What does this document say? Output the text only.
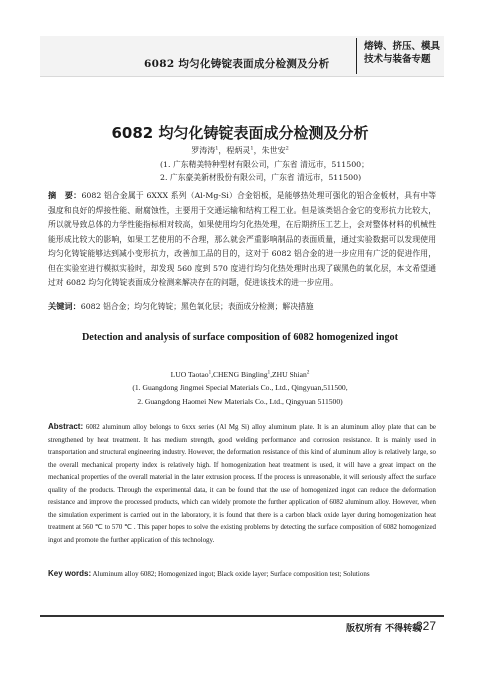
6082 均匀化铸锭表面成分检测及分析
熔铸、挤压、模具
技术与装备专题
6082 均匀化铸锭表面成分检测及分析
罗涛涛$^1$，程炳灵$^1$，朱世安$^2$
(1. 广东精美特种型材有限公司，广东省 清远市，511500；
2. 广东豪美新材股份有限公司，广东省 清远市，511500)
摘　要：6082 铝合金属于 6XXX 系列（Al-Mg-Si）合金铝板，是能够热处理可强化的铝合金板材，具有中等强度和良好的焊接性能、耐腐蚀性，主要用于交通运输和结构工程工业。但是该类铝合金它的变形抗力比较大，所以就导致总体的力学性能指标相对较高，如果使用均匀化热处理，在后期挤压工艺上，会对整体材料的机械性能形成比较大的影响，如果工艺使用的不合理，那么就会严重影响制品的表面质量，通过实验数据可以发现使用均匀化铸锭能够达到减小变形抗力，改善加工品的目的，这对于 6082 铝合金的进一步应用有广泛的促进作用，但在实验室进行模拟实验时，却发现 560 度到 570 度进行均匀化热处理时出现了碳黑色的氧化层，本文希望通过对 6082 均匀化铸锭表面成分检测来解决存在的问题，促进该技术的进一步应用。
关键词：6082 铝合金；均匀化铸锭；黑色氧化层；表面成分检测；解决措施
Detection and analysis of surface composition of 6082 homogenized ingot
LUO Taotao$^1$,CHENG Bingling$^1$,ZHU Shian$^2$
(1. Guangdong Jingmei Special Materials Co., Ltd., Qingyuan,511500,
2. Guangdong Haomei New Materials Co., Ltd., Qingyuan 511500)
Abstract: 6082 aluminum alloy belongs to 6xxx series (Al Mg Si) alloy aluminum plate. It is an aluminum alloy plate that can be strengthened by heat treatment. It has medium strength, good welding performance and corrosion resistance. It is mainly used in transportation and structural engineering industry. However, the deformation resistance of this kind of aluminum alloy is relatively large, so the overall mechanical property index is relatively high. If homogenization heat treatment is used, it will have a great impact on the mechanical properties of the overall material in the later extrusion process. If the process is unreasonable, it will seriously affect the surface quality of the products. Through the experimental data, it can be found that the use of homogenized ingot can reduce the deformation resistance and improve the processed products, which can widely promote the further application of 6082 aluminum alloy. However, when the simulation experiment is carried out in the laboratory, it is found that there is a carbon black oxide layer during homogenization heat treatment at 560 ℃ to 570 ℃ . This paper hopes to solve the existing problems by detecting the surface composition of 6082 homogenized ingot and promote the further application of this technology.
Key words: Aluminum alloy 6082; Homogenized ingot; Black oxide layer; Surface composition test; Solutions
版权所有 不得转载
327
